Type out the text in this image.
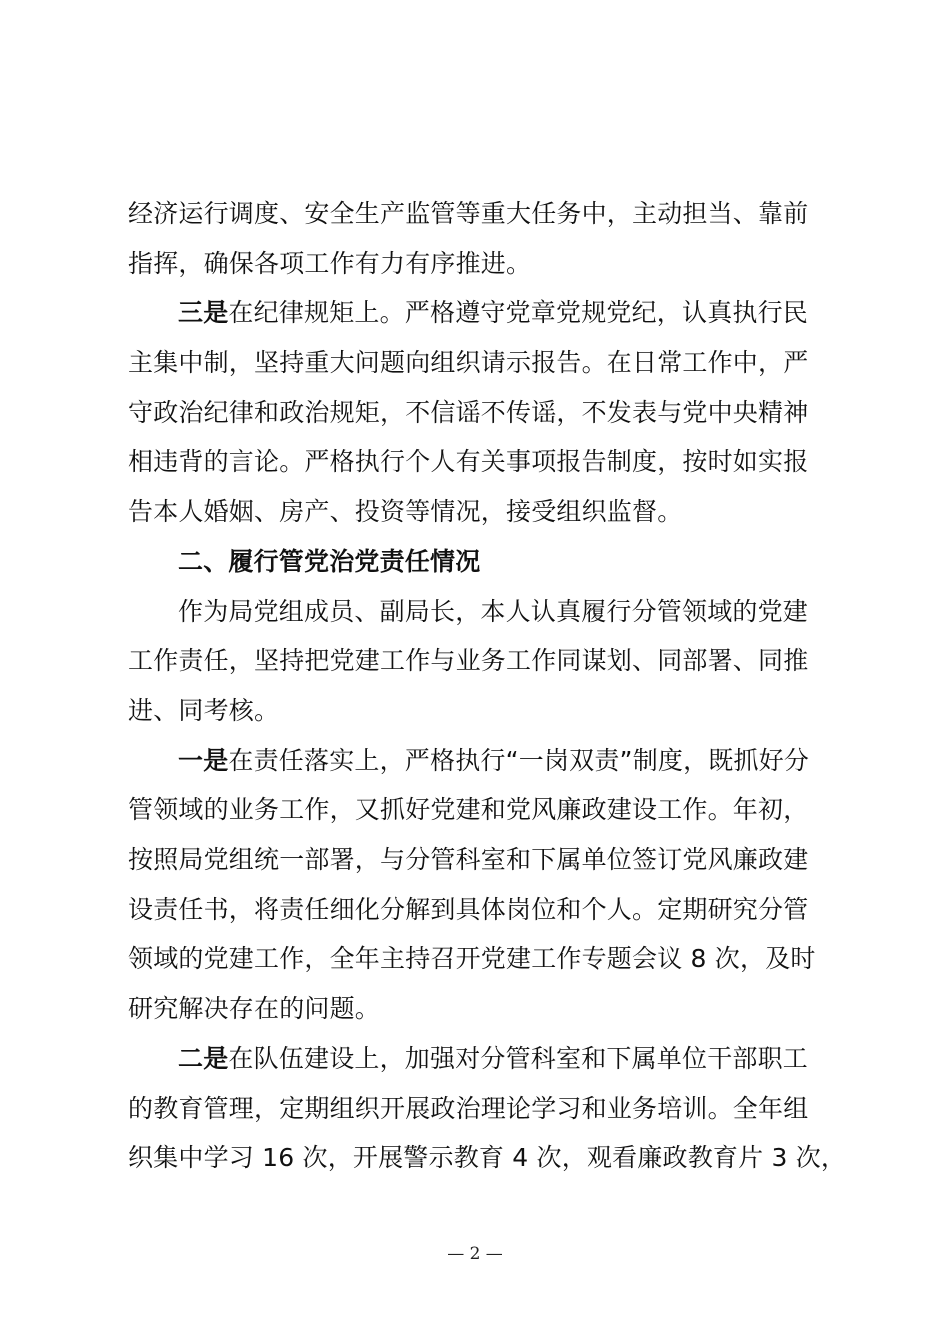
经济运行调度、安全生产监管等重大任务中，主动担当、靠前
指挥，确保各项工作有力有序推进。
三是在纪律规矩上。严格遵守党章党规党纪，认真执行民
主集中制，坚持重大问题向组织请示报告。在日常工作中，严
守政治纪律和政治规矩，不信谣不传谣，不发表与党中央精神
相违背的言论。严格执行个人有关事项报告制度，按时如实报
告本人婚姻、房产、投资等情况，接受组织监督。
二、履行管党治党责任情况
作为局党组成员、副局长，本人认真履行分管领域的党建
工作责任，坚持把党建工作与业务工作同谋划、同部署、同推
进、同考核。
一是在责任落实上，严格执行“一岗双责”制度，既抓好分
管领域的业务工作，又抓好党建和党风廉政建设工作。年初，
按照局党组统一部署，与分管科室和下属单位签订党风廉政建
设责任书，将责任细化分解到具体岗位和个人。定期研究分管
领域的党建工作，全年主持召开党建工作专题会议 8 次，及时
研究解决存在的问题。
二是在队伍建设上，加强对分管科室和下属单位干部职工
的教育管理，定期组织开展政治理论学习和业务培训。全年组
织集中学习 16 次，开展警示教育 4 次，观看廉政教育片 3 次，
— 2 —
